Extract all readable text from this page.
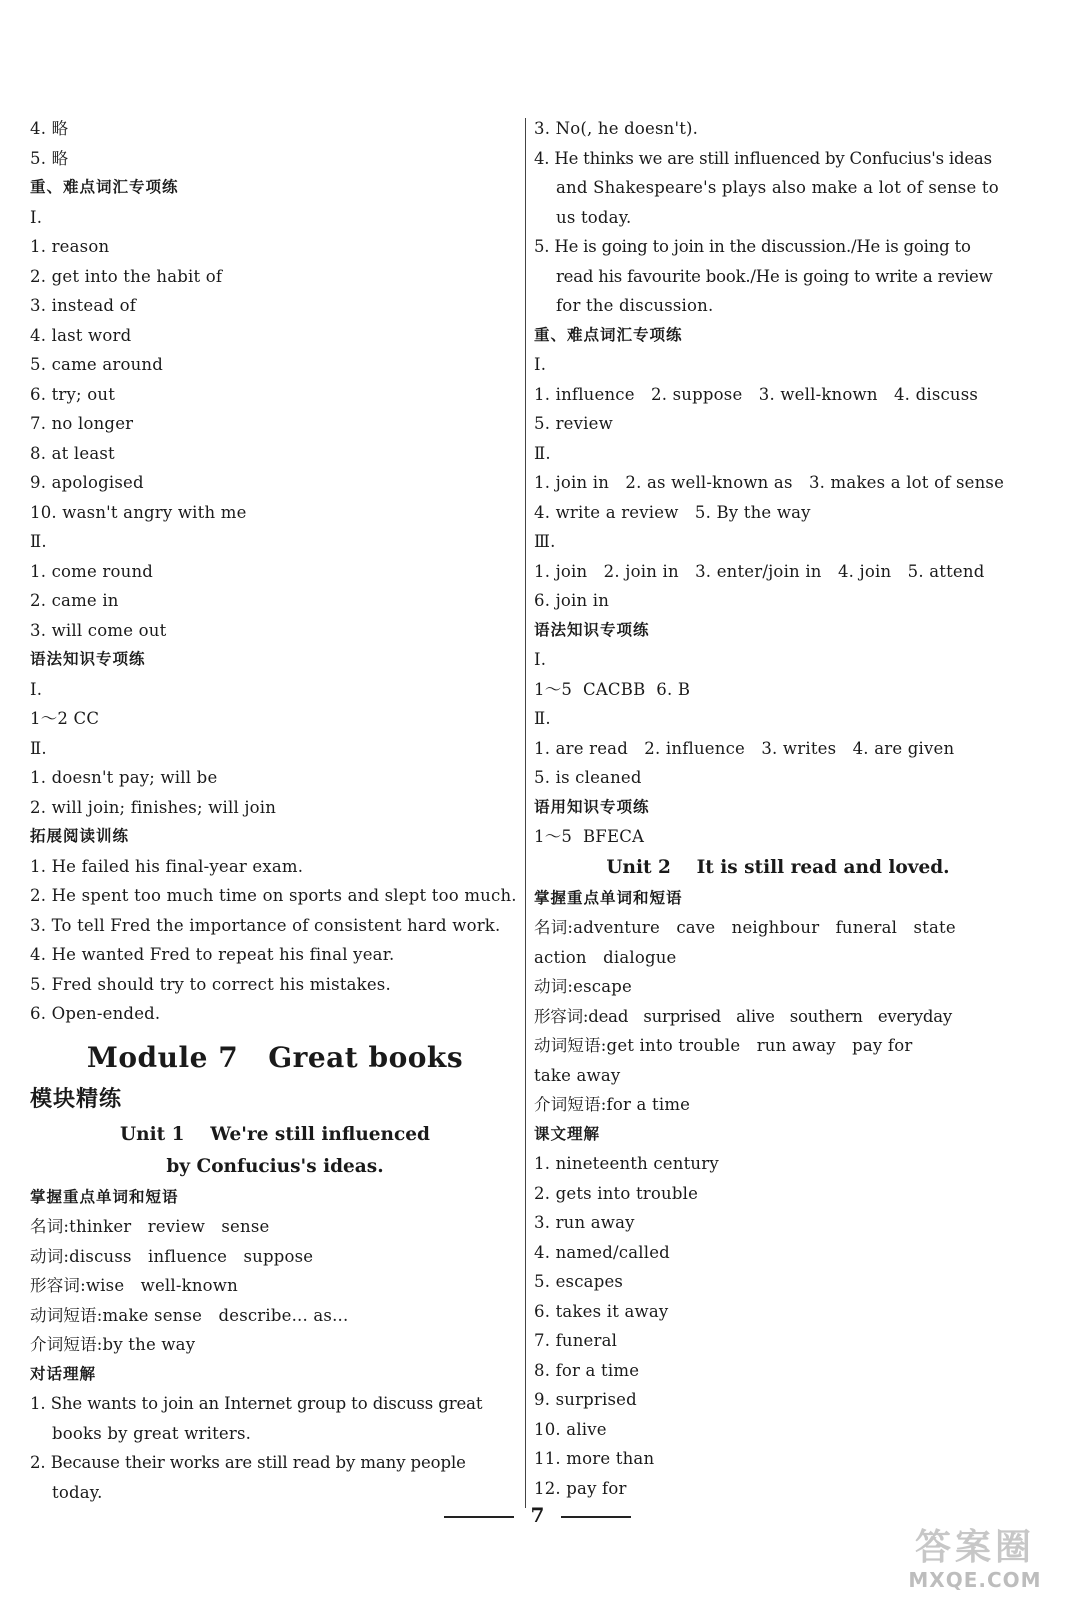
4. 略
5. 略
重、难点词汇专项练
Ⅰ.
1. reason
2. get into the habit of
3. instead of
4. last word
5. came around
6. try; out
7. no longer
8. at least
9. apologised
10. wasn't angry with me
Ⅱ.
1. come round
2. came in
3. will come out
语法知识专项练
Ⅰ.
1～2 CC
Ⅱ.
1. doesn't pay; will be
2. will join; finishes; will join
拓展阅读训练
1. He failed his final-year exam.
2. He spent too much time on sports and slept too much.
3. To tell Fred the importance of consistent hard work.
4. He wanted Fred to repeat his final year.
5. Fred should try to correct his mistakes.
6. Open-ended.
Module 7 Great books
模块精练
Unit 1    We're still influenced
by Confucius's ideas.
掌握重点单词和短语
名词:thinker   review   sense
动词:discuss   influence   suppose
形容词:wise   well-known
动词短语:make sense   describe... as...
介词短语:by the way
对话理解
1. She wants to join an Internet group to discuss great
books by great writers.
2. Because their works are still read by many people
today.
3. No(, he doesn't).
4. He thinks we are still influenced by Confucius's ideas
and Shakespeare's plays also make a lot of sense to
us today.
5. He is going to join in the discussion./He is going to
read his favourite book./He is going to write a review
for the discussion.
重、难点词汇专项练
Ⅰ.
1. influence   2. suppose   3. well-known   4. discuss
5. review
Ⅱ.
1. join in   2. as well-known as   3. makes a lot of sense
4. write a review   5. By the way
Ⅲ.
1. join   2. join in   3. enter/join in   4. join   5. attend
6. join in
语法知识专项练
Ⅰ.
1～5  CACBB  6. B
Ⅱ.
1. are read   2. influence   3. writes   4. are given
5. is cleaned
语用知识专项练
1～5  BFECA
Unit 2    It is still read and loved.
掌握重点单词和短语
名词:adventure   cave   neighbour   funeral   state
action   dialogue
动词:escape
形容词:dead   surprised   alive   southern   everyday
动词短语:get into trouble   run away   pay for
take away
介词短语:for a time
课文理解
1. nineteenth century
2. gets into trouble
3. run away
4. named/called
5. escapes
6. takes it away
7. funeral
8. for a time
9. surprised
10. alive
11. more than
12. pay for
7
答案圈
MXQE.COM
